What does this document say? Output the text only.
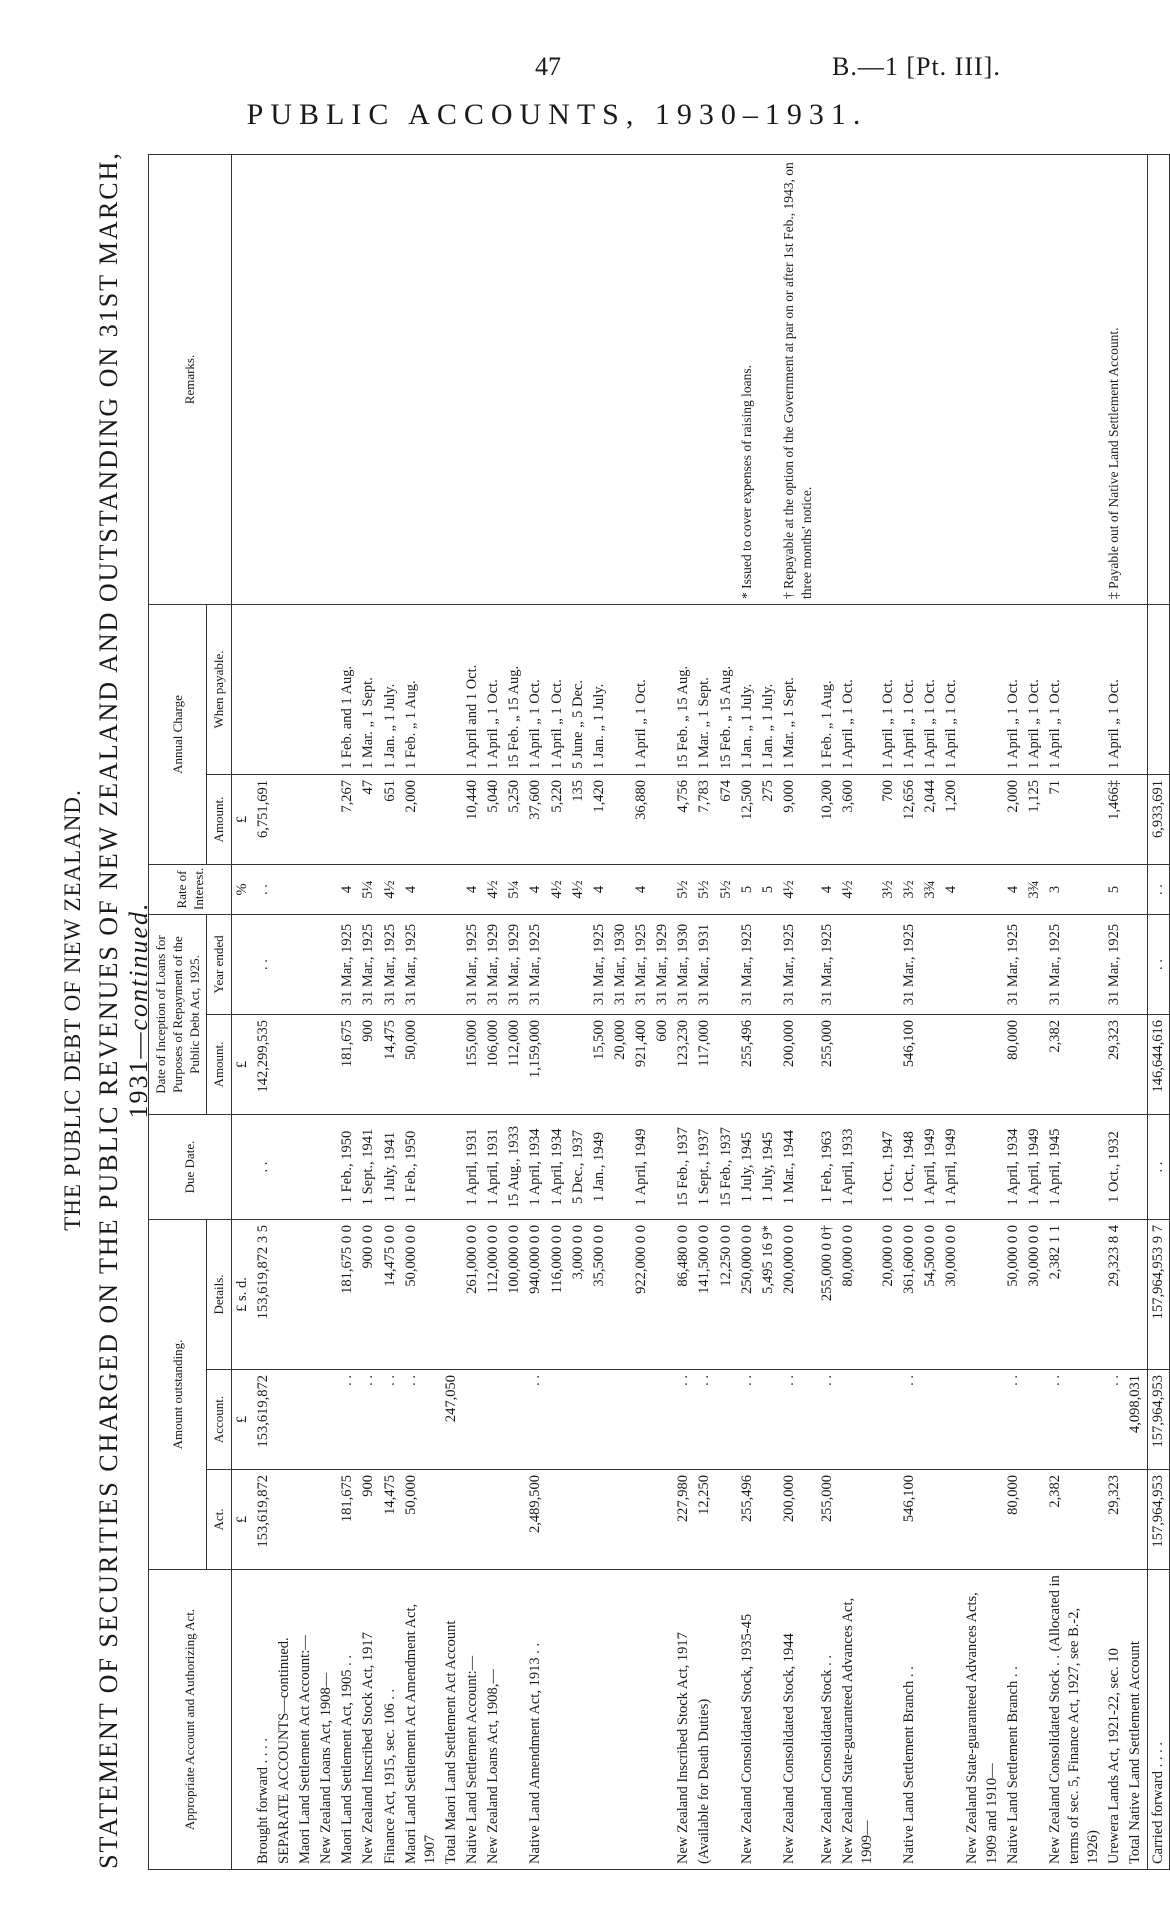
47	B.—1 [Pt. III].
PUBLIC ACCOUNTS, 1930–1931.
THE PUBLIC DEBT OF NEW ZEALAND. STATEMENT OF SECURITIES CHARGED ON THE PUBLIC REVENUES OF NEW ZEALAND AND OUTSTANDING ON 31ST MARCH, 1931—continued.
Appropriate Account and Authorizing Act.	Amount outstanding.			Due Date.	Date of Inception of Loans for Purposes of Repayment of the Public Debt Act, 1925.		Rate of Interest.	Annual Charge		Remarks.
	Act.	Account.	Details.		Amount.	Year ended		Amount.	When payable.	
	£	£	£ s. d.		£		%	£		
Brought forward . . . .	153,619,872	153,619,872	153,619,872 3 5	. .	142,299,535	. .	. .	6,751,691		
SEPARATE ACCOUNTS—continued.										
Maori Land Settlement Act Account:—										
New Zealand Loans Act, 1908—										
Maori Land Settlement Act, 1905 . .	181,675	. .	181,675 0 0	1 Feb., 1950	181,675	31 Mar., 1925	4	7,267	1 Feb. and 1 Aug.	
New Zealand Inscribed Stock Act, 1917	900	. .	900 0 0	1 Sept., 1941	900	31 Mar., 1925	5¼	47	1 Mar. „ 1 Sept.	
Finance Act, 1915, sec. 106 . .	14,475	. .	14,475 0 0	1 July, 1941	14,475	31 Mar., 1925	4½	651	1 Jan. „ 1 July.	
Maori Land Settlement Act Amendment Act, 1907	50,000	. .	50,000 0 0	1 Feb., 1950	50,000	31 Mar., 1925	4	2,000	1 Feb. „ 1 Aug.	
Total Maori Land Settlement Act Account		247,050								
Native Land Settlement Account:—			261,000 0 0	1 April, 1931	155,000	31 Mar., 1925	4	10,440	1 April and 1 Oct.	
New Zealand Loans Act, 1908,—			112,000 0 0	1 April, 1931	106,000	31 Mar., 1929	4½	5,040	1 April „ 1 Oct.	
			100,000 0 0	15 Aug., 1933	112,000	31 Mar., 1929	5¼	5,250	15 Feb. „ 15 Aug.	
Native Land Amendment Act, 1913 . .	2,489,500	. .	940,000 0 0	1 April, 1934	1,159,000	31 Mar., 1925	4	37,600	1 April „ 1 Oct.	
			116,000 0 0	1 April, 1934			4½	5,220	1 April „ 1 Oct.	
			3,000 0 0	5 Dec., 1937			4½	135	5 June „ 5 Dec.	
			35,500 0 0	1 Jan., 1949	15,500	31 Mar., 1925	4	1,420	1 Jan. „ 1 July.	
					20,000	31 Mar., 1930				
			922,000 0 0	1 April, 1949	921,400	31 Mar., 1925	4	36,880	1 April „ 1 Oct.	
					600	31 Mar., 1929				
New Zealand Inscribed Stock Act, 1917	227,980	. .	86,480 0 0	15 Feb., 1937	123,230	31 Mar., 1930	5½	4,756	15 Feb. „ 15 Aug.	
(Available for Death Duties)	12,250	. .	141,500 0 0	1 Sept., 1937	117,000	31 Mar., 1931	5½	7,783	1 Mar. „ 1 Sept.	
			12,250 0 0	15 Feb., 1937			5½	674	15 Feb. „ 15 Aug.	
New Zealand Consolidated Stock, 1935-45	255,496	. .	250,000 0 0	1 July, 1945	255,496	31 Mar., 1925	5	12,500	1 Jan. „ 1 July.	* Issued to cover expenses of raising loans.
			5,495 16 9*	1 July, 1945			5	275	1 Jan. „ 1 July.	
New Zealand Consolidated Stock, 1944	200,000	. .	200,000 0 0	1 Mar., 1944	200,000	31 Mar., 1925	4½	9,000	1 Mar. „ 1 Sept.	† Repayable at the option of the Government at par on or after 1st Feb., 1943, on three months' notice.
New Zealand Consolidated Stock . .	255,000	. .	255,000 0 0†	1 Feb., 1963	255,000	31 Mar., 1925	4	10,200	1 Feb. „ 1 Aug.	
New Zealand State-guaranteed Advances Act, 1909—			80,000 0 0	1 April, 1933			4½	3,600	1 April „ 1 Oct.	
			20,000 0 0	1 Oct., 1947			3½	700	1 April „ 1 Oct.	
Native Land Settlement Branch . .	546,100	. .	361,600 0 0	1 Oct., 1948	546,100	31 Mar., 1925	3½	12,656	1 April „ 1 Oct.	
			54,500 0 0	1 April, 1949			3¾	2,044	1 April „ 1 Oct.	
			30,000 0 0	1 April, 1949			4	1,200	1 April „ 1 Oct.	
New Zealand State-guaranteed Advances Acts, 1909 and 1910—										
Native Land Settlement Branch . .	80,000	. .	50,000 0 0	1 April, 1934	80,000	31 Mar., 1925	4	2,000	1 April „ 1 Oct.	
			30,000 0 0	1 April, 1949			3¾	1,125	1 April „ 1 Oct.	
New Zealand Consolidated Stock . . (Allocated in terms of sec. 5, Finance Act, 1927, see B.-2, 1926)	2,382	. .	2,382 1 1	1 April, 1945	2,382	31 Mar., 1925	3	71	1 April „ 1 Oct.	
Urewera Lands Act, 1921-22, sec. 10	29,323	. .	29,323 8 4	1 Oct., 1932	29,323	31 Mar., 1925	5	1,466‡	1 April „ 1 Oct.	‡ Payable out of Native Land Settlement Account.
Total Native Land Settlement Account		4,098,031								
Carried forward . . . .	157,964,953	157,964,953	157,964,953 9 7	. .	146,644,616	. .	. .	6,933,691		
